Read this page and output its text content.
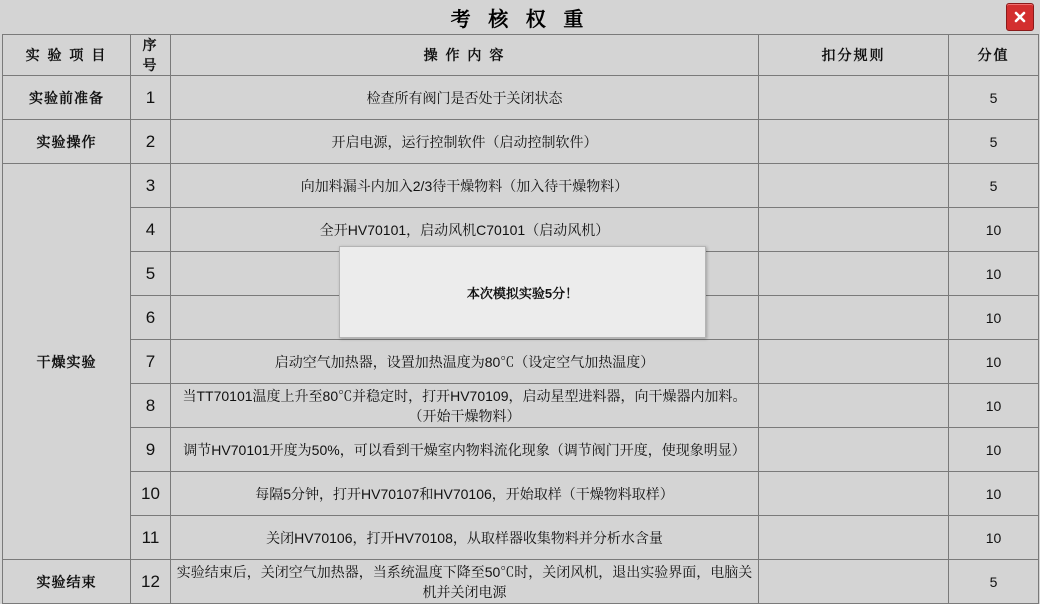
考 核 权 重
实 验 项 目	序号	操 作 内 容	扣分规则	分值
实验前准备	1	检查所有阀门是否处于关闭状态		5
实验操作	2	开启电源，运行控制软件（启动控制软件）		5
干燥实验	3	向加料漏斗内加入2/3待干燥物料（加入待干燥物料）		5
	4	全开HV70101，启动风机C70101（启动风机）		10
	5			10
	6			10
	7	启动空气加热器，设置加热温度为80℃（设定空气加热温度）		10
	8	当TT70101温度上升至80℃并稳定时，打开HV70109，启动星型进料器，向干燥器内加料。（开始干燥物料）		10
	9	调节HV70101开度为50%，可以看到干燥室内物料流化现象（调节阀门开度，使现象明显）		10
	10	每隔5分钟，打开HV70107和HV70106，开始取样（干燥物料取样）		10
	11	关闭HV70106，打开HV70108，从取样器收集物料并分析水含量		10
实验结束	12	实验结束后，关闭空气加热器，当系统温度下降至50℃时，关闭风机，退出实验界面，电脑关机并关闭电源		5
本次模拟实验5分！
